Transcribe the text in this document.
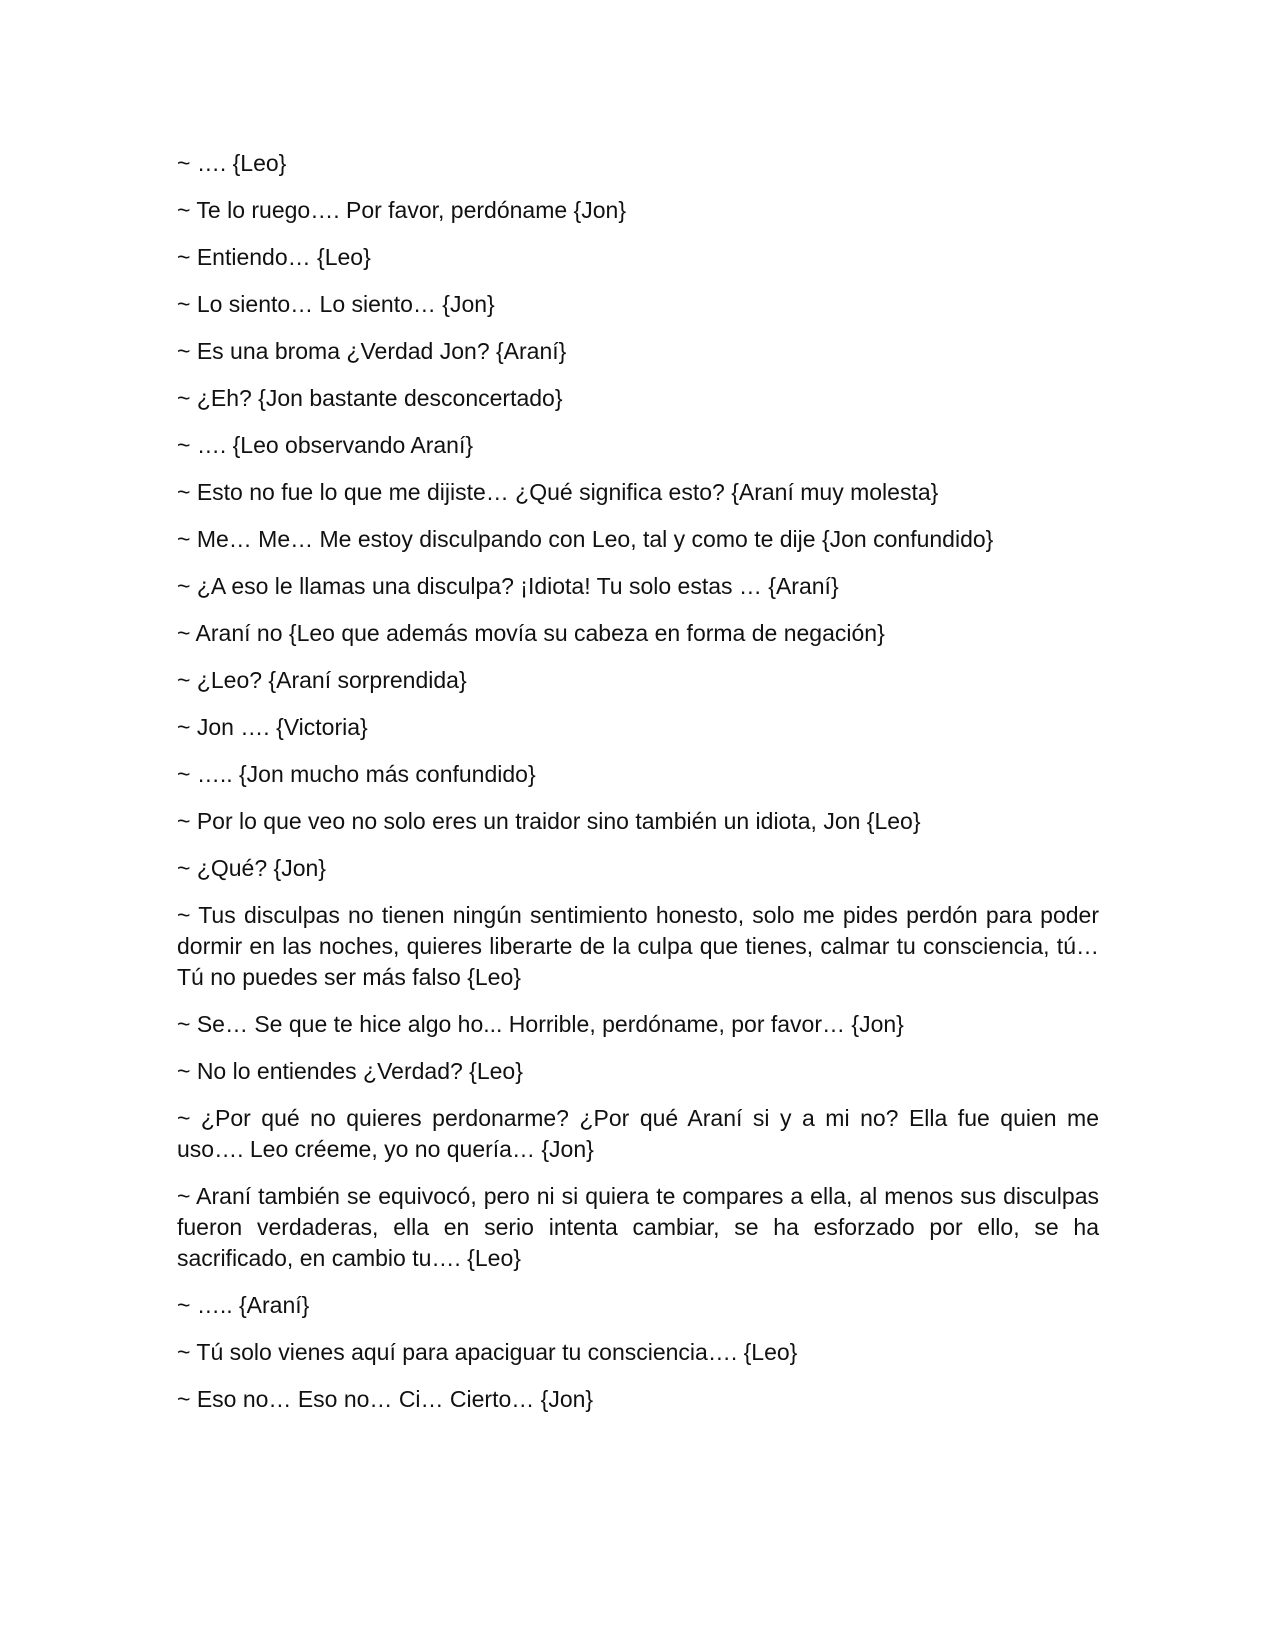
~ …. {Leo}

~ Te lo ruego…. Por favor, perdóname {Jon}

~ Entiendo… {Leo}

~ Lo siento… Lo siento… {Jon}

~ Es una broma ¿Verdad Jon? {Araní}

~ ¿Eh? {Jon bastante desconcertado}

~ …. {Leo observando Araní}

~ Esto no fue lo que me dijiste… ¿Qué significa esto? {Araní muy molesta}

~ Me… Me… Me estoy disculpando con Leo, tal y como te dije {Jon confundido}

~ ¿A eso le llamas una disculpa? ¡Idiota! Tu solo estas … {Araní}

~ Araní no {Leo que además movía su cabeza en forma de negación}

~ ¿Leo? {Araní sorprendida}

~ Jon …. {Victoria}

~ ….. {Jon mucho más confundido}

~ Por lo que veo no solo eres un traidor sino también un idiota, Jon {Leo}

~ ¿Qué? {Jon}

~ Tus disculpas no tienen ningún sentimiento honesto, solo me pides perdón para poder dormir en las noches, quieres liberarte de la culpa que tienes, calmar tu consciencia, tú… Tú no puedes ser más falso {Leo}

~ Se… Se que te hice algo ho... Horrible, perdóname, por favor… {Jon}

~ No lo entiendes ¿Verdad? {Leo}

~ ¿Por qué no quieres perdonarme? ¿Por qué Araní si y a mi no? Ella fue quien me uso…. Leo créeme, yo no quería… {Jon}

~ Araní también se equivocó, pero ni si quiera te compares a ella, al menos sus disculpas fueron verdaderas, ella en serio intenta cambiar, se ha esforzado por ello, se ha sacrificado, en cambio tu…. {Leo}

~ ….. {Araní}

~ Tú solo vienes aquí para apaciguar tu consciencia…. {Leo}

~ Eso no… Eso no… Ci… Cierto… {Jon}
